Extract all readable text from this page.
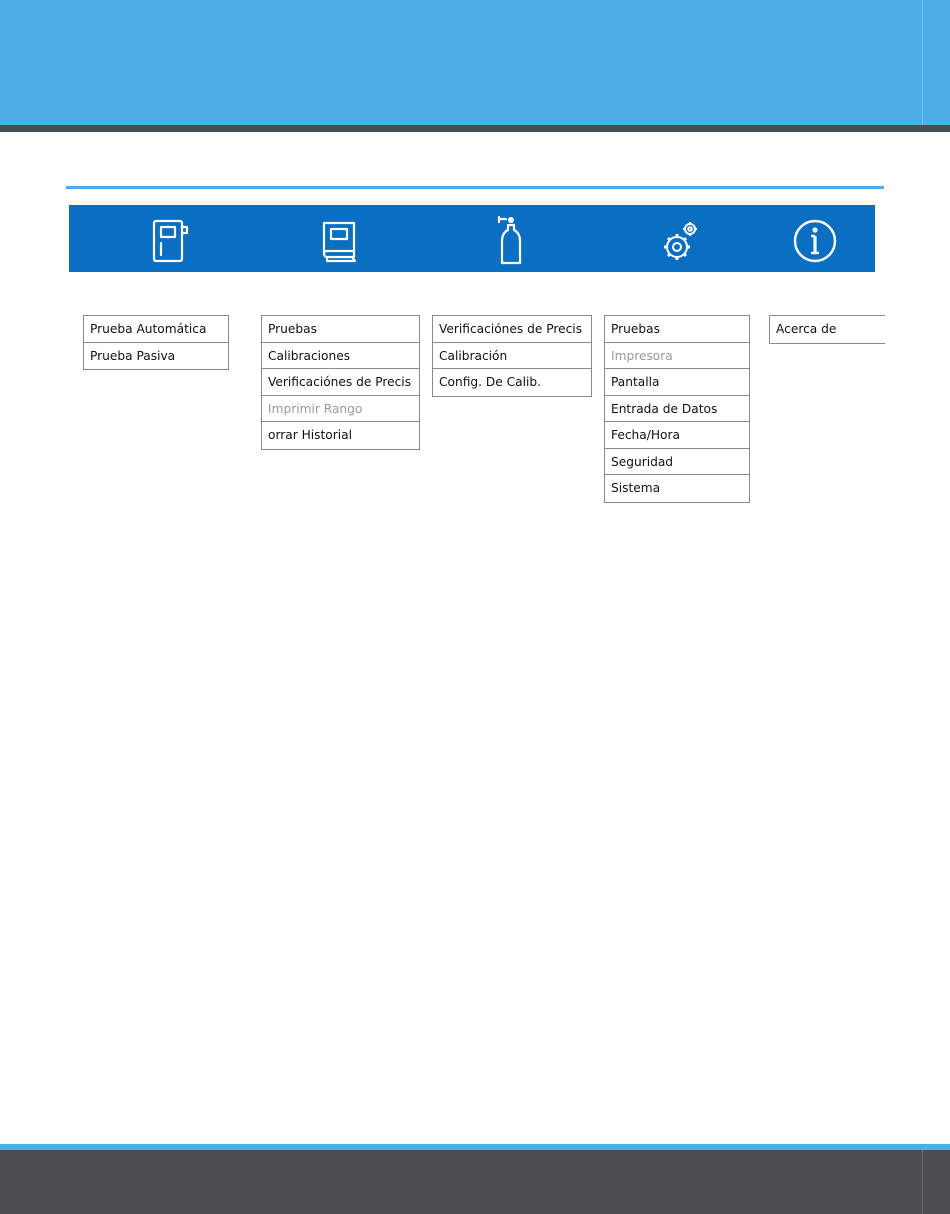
Prueba Automática
Prueba Pasiva
Pruebas
Calibraciones
Verificaciónes de Precis
Imprimir Rango
orrar Historial
Verificaciónes de Precis
Calibración
Config. De Calib.
Pruebas
Impresora
Pantalla
Entrada de Datos
Fecha/Hora
Seguridad
Sistema
Acerca de
